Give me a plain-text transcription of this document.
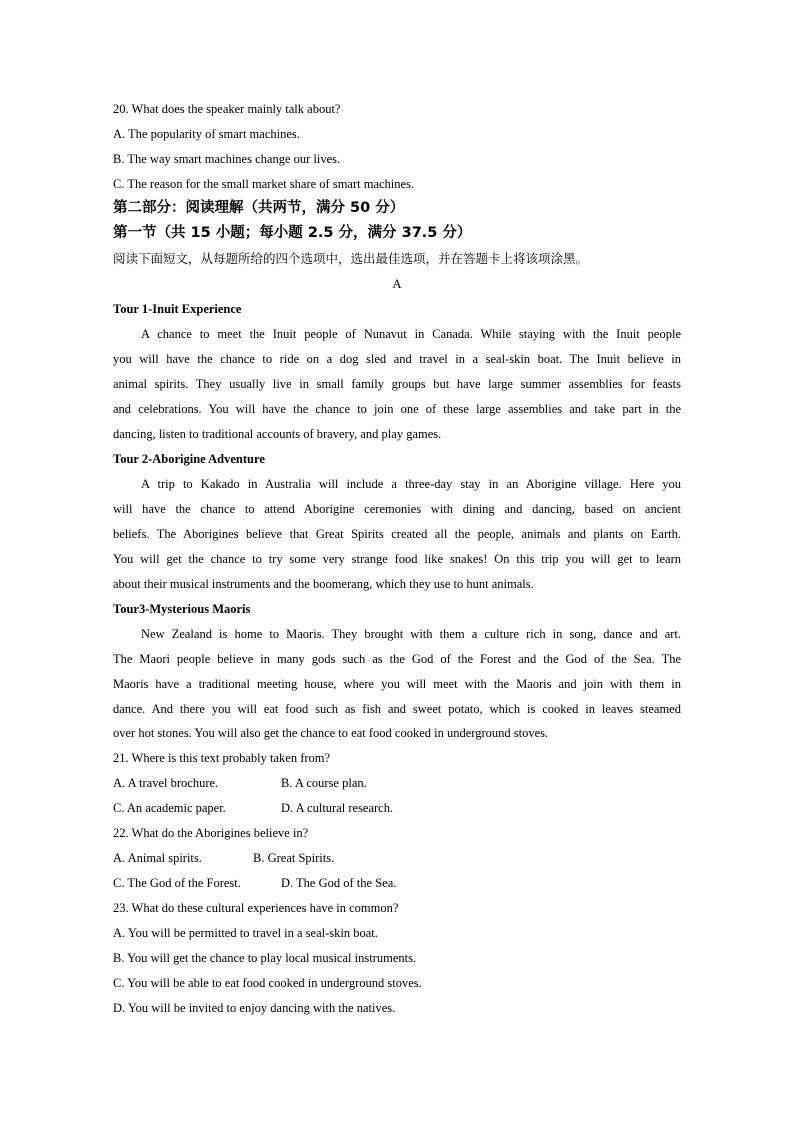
20. What does the speaker mainly talk about?
A. The popularity of smart machines.
B. The way smart machines change our lives.
C. The reason for the small market share of smart machines.
第二部分：阅读理解（共两节，满分 50 分）
第一节（共 15 小题；每小题 2.5 分，满分 37.5 分）
阅读下面短文，从每题所给的四个选项中，选出最佳选项，并在答题卡上将该项涂黑。
A
Tour 1-Inuit Experience
A chance to meet the Inuit people of Nunavut in Canada. While staying with the Inuit people
you will have the chance to ride on a dog sled and travel in a seal-skin boat. The Inuit believe in
animal spirits. They usually live in small family groups but have large summer assemblies for feasts
and celebrations. You will have the chance to join one of these large assemblies and take part in the
dancing, listen to traditional accounts of bravery, and play games.
Tour 2-Aborigine Adventure
A trip to Kakado in Australia will include a three-day stay in an Aborigine village. Here you
will have the chance to attend Aborigine ceremonies with dining and dancing, based on ancient
beliefs. The Aborigines believe that Great Spirits created all the people, animals and plants on Earth.
You will get the chance to try some very strange food like snakes! On this trip you will get to learn
about their musical instruments and the boomerang, which they use to hunt animals.
Tour3-Mysterious Maoris
New Zealand is home to Maoris. They brought with them a culture rich in song, dance and art.
The Maori people believe in many gods such as the God of the Forest and the God of the Sea. The
Maoris have a traditional meeting house, where you will meet with the Maoris and join with them in
dance. And there you will eat food such as fish and sweet potato, which is cooked in leaves steamed
over hot stones. You will also get the chance to eat food cooked in underground stoves.
21. Where is this text probably taken from?
A. A travel brochure.	B. A course plan.
C. An academic paper.	D. A cultural research.
22. What do the Aborigines believe in?
A. Animal spirits.	B. Great Spirits.
C. The God of the Forest.	D. The God of the Sea.
23. What do these cultural experiences have in common?
A. You will be permitted to travel in a seal-skin boat.
B. You will get the chance to play local musical instruments.
C. You will be able to eat food cooked in underground stoves.
D. You will be invited to enjoy dancing with the natives.
